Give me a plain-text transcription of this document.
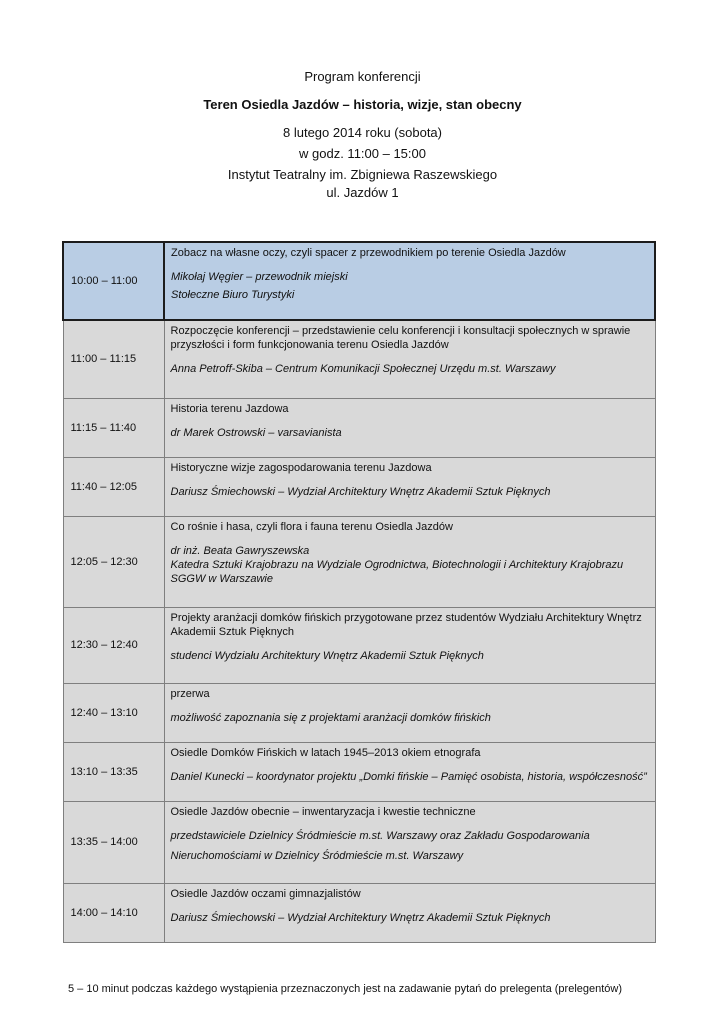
Program konferencji
Teren Osiedla Jazdów – historia, wizje, stan obecny
8 lutego 2014 roku (sobota)
w godz. 11:00 – 15:00
Instytut Teatralny im. Zbigniewa Raszewskiego
ul. Jazdów 1
10:00 – 11:00	Zobacz na własne oczy, czyli spacer z przewodnikiem po terenie Osiedla Jazdów

Mikołaj Węgier – przewodnik miejski

Stołeczne Biuro Turystyki

11:00 – 11:15	Rozpoczęcie konferencji – przedstawienie celu konferencji i konsultacji społecznych w sprawie przyszłości i form funkcjonowania terenu Osiedla Jazdów

Anna Petroff-Skiba – Centrum Komunikacji Społecznej Urzędu m.st. Warszawy

11:15 – 11:40	Historia terenu Jazdowa

dr Marek Ostrowski – varsavianista

11:40 – 12:05	Historyczne wizje zagospodarowania terenu Jazdowa

Dariusz Śmiechowski – Wydział Architektury Wnętrz Akademii Sztuk Pięknych

12:05 – 12:30	Co rośnie i hasa, czyli flora i fauna terenu Osiedla Jazdów

dr inż. Beata Gawryszewska

Katedra Sztuki Krajobrazu na Wydziale Ogrodnictwa, Biotechnologii i Architektury Krajobrazu SGGW w Warszawie

12:30 – 12:40	Projekty aranżacji domków fińskich przygotowane przez studentów Wydziału Architektury Wnętrz Akademii Sztuk Pięknych

studenci Wydziału Architektury Wnętrz Akademii Sztuk Pięknych

12:40 – 13:10	przerwa

możliwość zapoznania się z projektami aranżacji domków fińskich

13:10 – 13:35	Osiedle Domków Fińskich w latach 1945–2013 okiem etnografa

Daniel Kunecki – koordynator projektu „Domki fińskie – Pamięć osobista, historia, współczesność”

13:35 – 14:00	Osiedle Jazdów obecnie – inwentaryzacja i kwestie techniczne

przedstawiciele Dzielnicy Śródmieście m.st. Warszawy oraz Zakładu Gospodarowania

Nieruchomościami w Dzielnicy Śródmieście m.st. Warszawy

14:00 – 14:10	Osiedle Jazdów oczami gimnazjalistów

Dariusz Śmiechowski – Wydział Architektury Wnętrz Akademii Sztuk Pięknych

5 – 10 minut podczas każdego wystąpienia przeznaczonych jest na zadawanie pytań do prelegenta (prelegentów)
